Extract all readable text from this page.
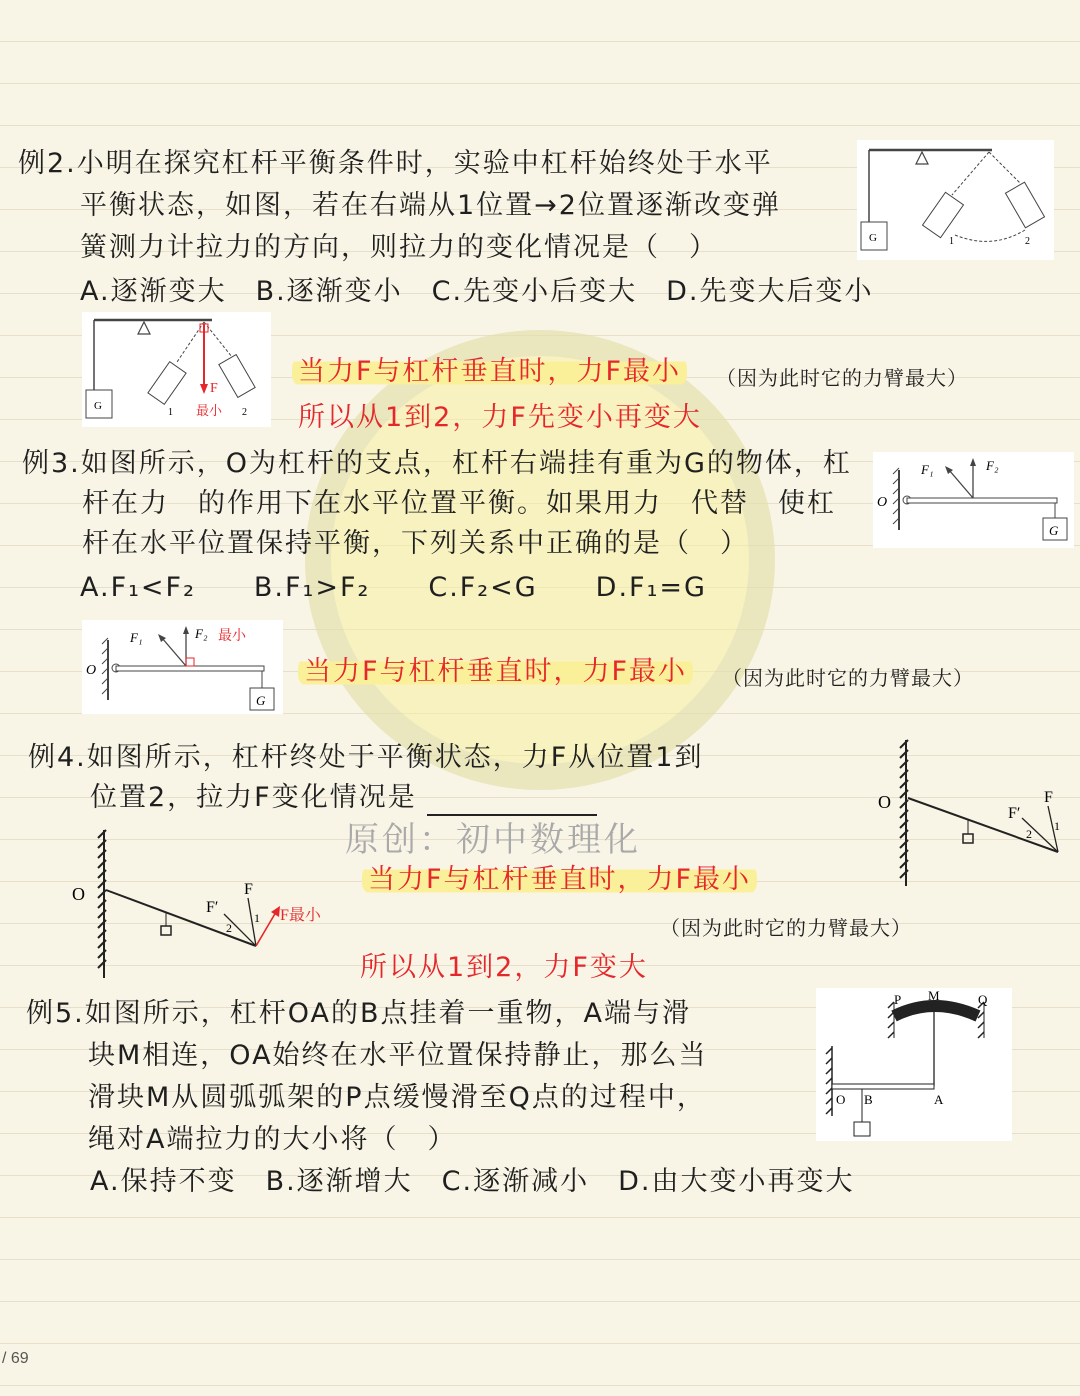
例2.小明在探究杠杆平衡条件时，实验中杠杆始终处于水平
平衡状态，如图，若在右端从1位置→2位置逐渐改变弹
簧测力计拉力的方向，则拉力的变化情况是（　）
A.逐渐变大　B.逐渐变小　C.先变小后变大　D.先变大后变小
G	1	2
G
F
最小
1	2
当力F与杠杆垂直时，力F最小	（因为此时它的力臂最大）
所以从1到2，力F先变小再变大
例3.如图所示，O为杠杆的支点，杠杆右端挂有重为G的物体，杠
杆在力　的作用下在水平位置平衡。如果用力　代替　使杠
杆在水平位置保持平衡，下列关系中正确的是（　）
A.F₁<F₂　　B.F₁>F₂　　C.F₂<G　　D.F₁=G
G
O
F₁	F₂
G
O
F₁	F₂ 最小
当力F与杠杆垂直时，力F最小	（因为此时它的力臂最大）
例4.如图所示，杠杆终处于平衡状态，力F从位置1到
位置2，拉力F变化情况是
原创：初中数理化
O	F
F′
1
2
O	F
F′
1
2
F最小
当力F与杠杆垂直时，力F最小
（因为此时它的力臂最大）
所以从1到2，力F变大
例5.如图所示，杠杆OA的B点挂着一重物，A端与滑
块M相连，OA始终在水平位置保持静止，那么当
滑块M从圆弧弧架的P点缓慢滑至Q点的过程中，
绳对A端拉力的大小将（　）
A.保持不变　B.逐渐增大　C.逐渐减小　D.由大变小再变大
P M	Q
O B	A
/ 69
